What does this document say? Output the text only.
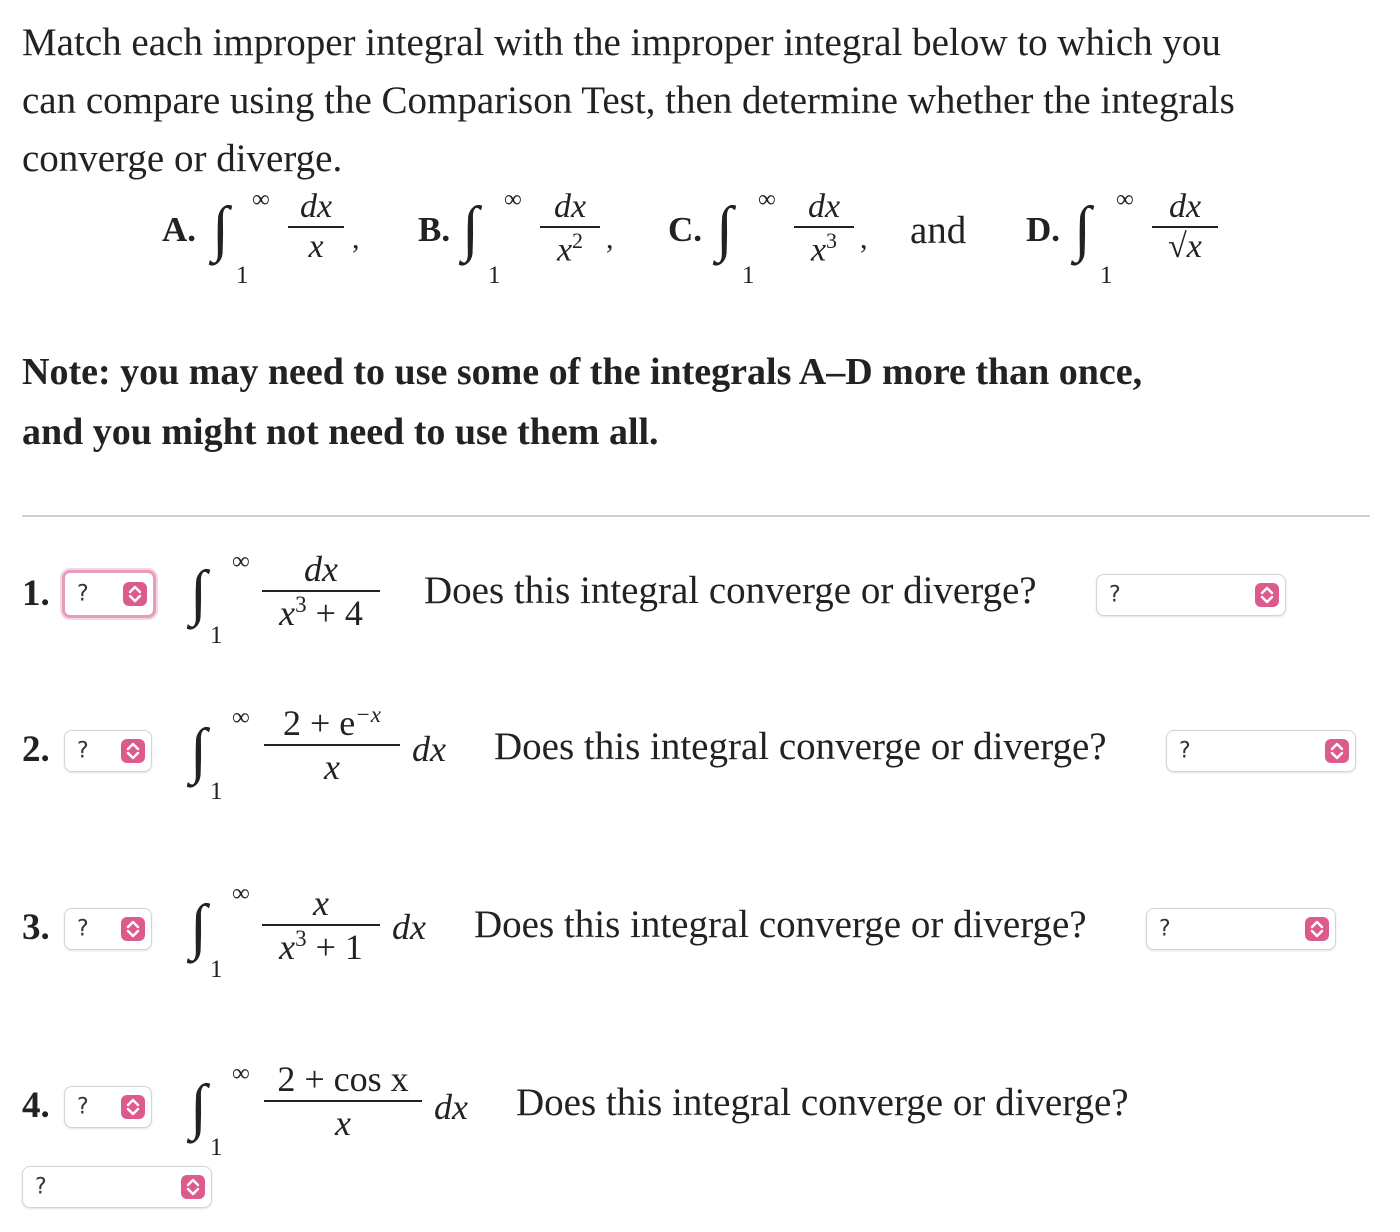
Match each improper integral with the improper integral below to which you
can compare using the Comparison Test, then determine whether the integrals
converge or diverge.
A. ∫ ∞
1
dx
x , B. ∫ ∞
1
dx
$x^2$ , C. ∫ ∞
1
dx
$x^3$ , and D. ∫ ∞
1
dx
√x
Note: you may need to use some of the integrals A–D more than once,
and you might not need to use them all.
1. ? ∫ ∞
1
dx
$x^3 + 4$
Does this integral converge or diverge?	?
2. ? ∫ ∞
1
$2 + e^{-x}$
x	dx Does this integral converge or diverge?	?
3. ? ∫ ∞
1
x
$x^3 + 1$ dx Does this integral converge or diverge?	?
4. ? ∫ ∞
1
2 + cos x
x	dx Does this integral converge or diverge?
?
